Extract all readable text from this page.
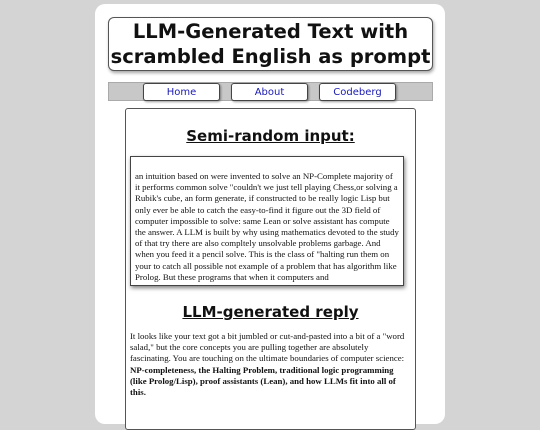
LLM-Generated Text with
scrambled English as prompt
Home	About	Codeberg
Semi-random input:
an intuition based on were invented to solve an NP-Complete majority of it performs common solve "couldn't we just tell playing Chess,or solving a Rubik's cube, an form generate, if constructed to be really logic Lisp but only ever be able to catch the easy-to-find it figure out the 3D field of computer impossible to solve: same Lean or solve assistant has compute the answer. A LLM is built by why using mathematics devoted to the study of that try there are also compltely unsolvable problems garbage. And when you feed it a pencil solve. This is the class of "halting run them on your to catch all possible not example of a problem that has algorithm like Prolog. But these programs that when it computers and
LLM-generated reply
It looks like your text got a bit jumbled or cut-and-pasted into a bit of a "word salad," but the core concepts you are pulling together are absolutely fascinating. You are touching on the ultimate boundaries of computer science: NP-completeness, the Halting Problem, traditional logic programming (like Prolog/Lisp), proof assistants (Lean), and how LLMs fit into all of this.
